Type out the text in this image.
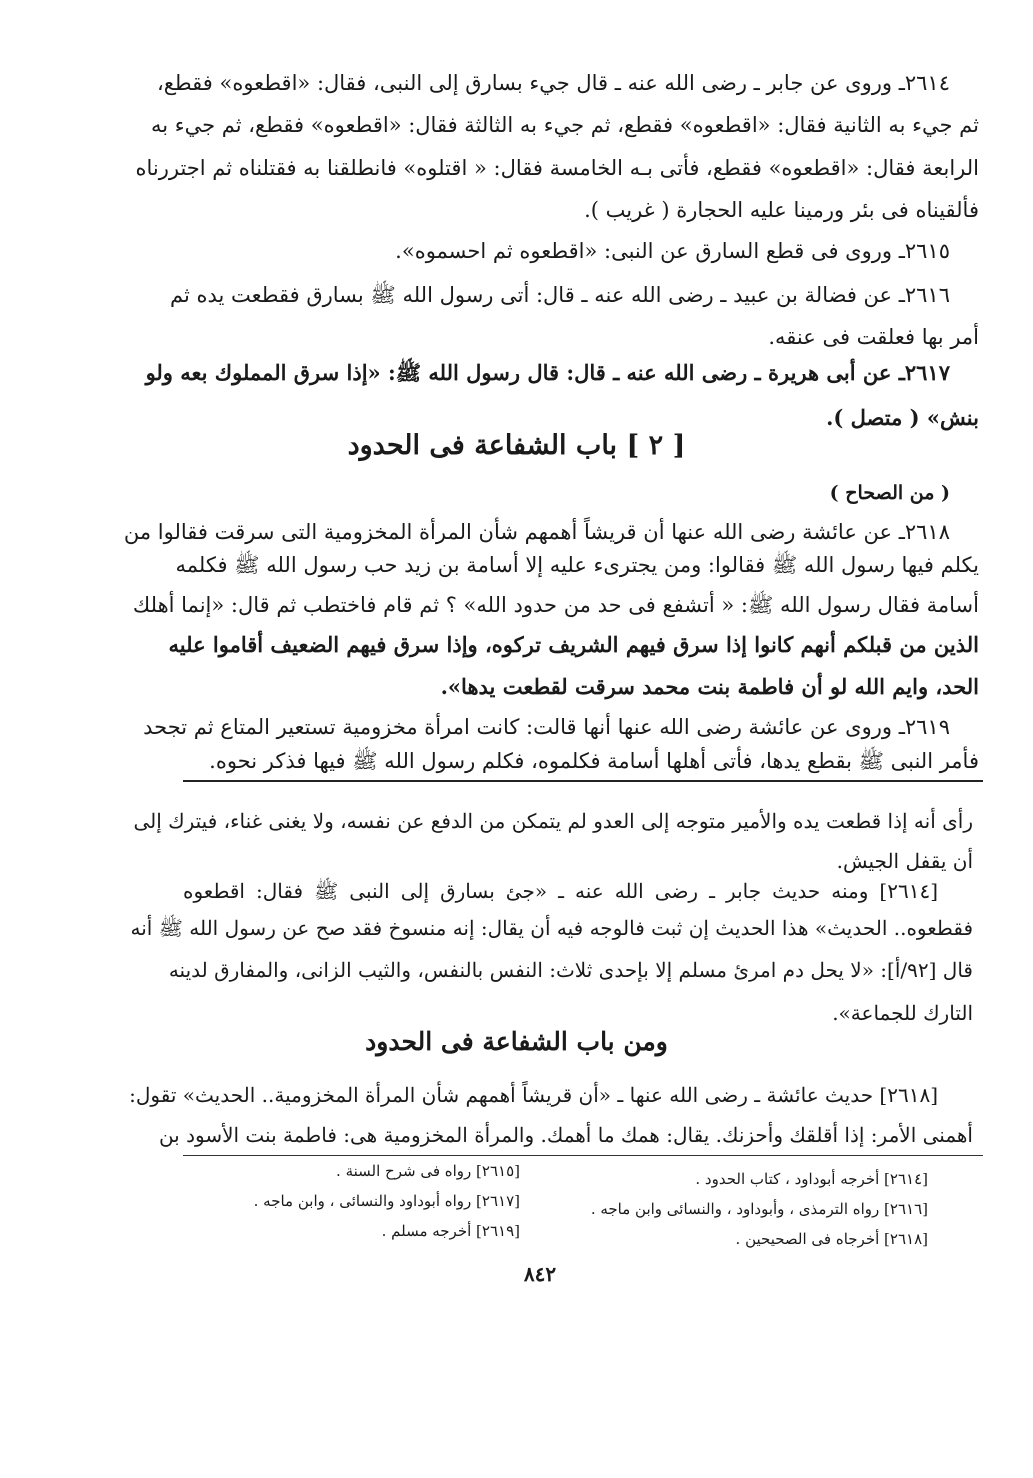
٢٦١٤ـ وروى عن جابر ـ رضى الله عنه ـ قال جيء بسارق إلى النبى، فقال: «اقطعوه» فقطع،
ثم جيء به الثانية فقال: «اقطعوه» فقطع، ثم جيء به الثالثة فقال: «اقطعوه» فقطع، ثم جيء به
الرابعة فقال: «اقطعوه» فقطع، فأتى بـه الخامسة فقال: « اقتلوه» فانطلقنا به فقتلناه ثم اجتررناه
فألقيناه فى بئر ورمينا عليه الحجارة ( غريب ).
٢٦١٥ـ وروى فى قطع السارق عن النبى: «اقطعوه ثم احسموه».
٢٦١٦ـ عن فضالة بن عبيد ـ رضى الله عنه ـ قال: أتى رسول الله ﷺ بسارق فقطعت يده ثم
أمر بها فعلقت فى عنقه.
٢٦١٧ـ عن أبى هريرة ـ رضى الله عنه ـ قال: قال رسول الله ﷺ: «إذا سرق المملوك بعه ولو
بنش» ( متصل ).
[ ٢ ] باب الشفاعة فى الحدود
( من الصحاح )
٢٦١٨ـ عن عائشة رضى الله عنها أن قريشاً أهمهم شأن المرأة المخزومية التى سرقت فقالوا من
يكلم فيها رسول الله ﷺ فقالوا: ومن يجترىء عليه إلا أسامة بن زيد حب رسول الله ﷺ فكلمه
أسامة فقال رسول الله ﷺ: « أتشفع فى حد من حدود الله» ؟ ثم قام فاختطب ثم قال: «إنما أهلك
الذين من قبلكم أنهم كانوا إذا سرق فيهم الشريف تركوه، وإذا سرق فيهم الضعيف أقاموا عليه
الحد، وايم الله لو أن فاطمة بنت محمد سرقت لقطعت يدها».
٢٦١٩ـ وروى عن عائشة رضى الله عنها أنها قالت: كانت امرأة مخزومية تستعير المتاع ثم تجحد
فأمر النبى ﷺ بقطع يدها، فأتى أهلها أسامة فكلموه، فكلم رسول الله ﷺ فيها فذكر نحوه.
رأى أنه إذا قطعت يده والأمير متوجه إلى العدو لم يتمكن من الدفع عن نفسه، ولا يغنى غناء، فيترك إلى
أن يقفل الجيش.
[٢٦١٤] ومنه حديث جابر ـ رضى الله عنه ـ «جئ بسارق إلى النبى ﷺ فقال: اقطعوه
فقطعوه.. الحديث» هذا الحديث إن ثبت فالوجه فيه أن يقال: إنه منسوخ فقد صح عن رسول الله ﷺ أنه
قال [٩٢/أ]: «لا يحل دم امرئ مسلم إلا بإحدى ثلاث: النفس بالنفس، والثيب الزانى، والمفارق لدينه
التارك للجماعة».
ومن باب الشفاعة فى الحدود
[٢٦١٨] حديث عائشة ـ رضى الله عنها ـ «أن قريشاً أهمهم شأن المرأة المخزومية.. الحديث» تقول:
أهمنى الأمر: إذا أقلقك وأحزنك. يقال: همك ما أهمك. والمرأة المخزومية هى: فاطمة بنت الأسود بن
[٢٦١٤] أخرجه أبوداود ، كتاب الحدود .
[٢٦١٦] رواه الترمذى ، وأبوداود ، والنسائى وابن ماجه .
[٢٦١٨] أخرجاه فى الصحيحين .
[٢٦١٥] رواه فى شرح السنة .
[٢٦١٧] رواه أبوداود والنسائى ، وابن ماجه .
[٢٦١٩] أخرجه مسلم .
٨٤٢
